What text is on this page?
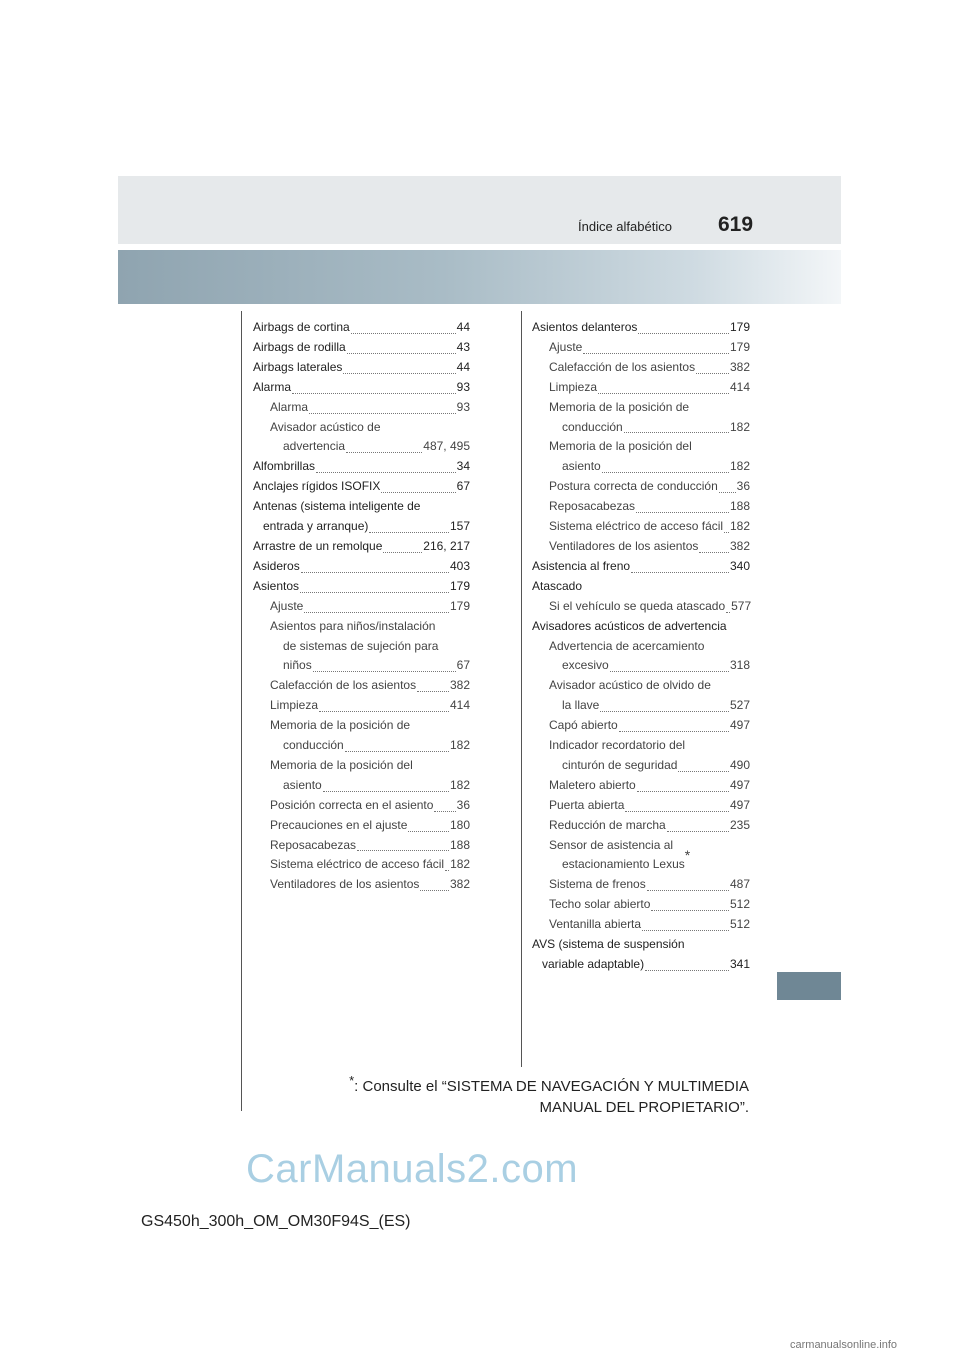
Índice alfabético 619
Airbags de cortina	44
Airbags de rodilla	43
Airbags laterales	44
Alarma	93
Alarma	93
Avisador acústico de
advertencia	487, 495
Alfombrillas	34
Anclajes rígidos ISOFIX	67
Antenas (sistema inteligente de
entrada y arranque)	157
Arrastre de un remolque	216, 217
Asideros	403
Asientos	179
Ajuste	179
Asientos para niños/instalación
de sistemas de sujeción para
niños	67
Calefacción de los asientos	382
Limpieza	414
Memoria de la posición de
conducción	182
Memoria de la posición del
asiento	182
Posición correcta en el asiento 36
Precauciones en el ajuste	180
Reposacabezas	188
Sistema eléctrico de acceso fácil 182
Ventiladores de los asientos	382
Asientos delanteros	179
Ajuste	179
Calefacción de los asientos	382
Limpieza	414
Memoria de la posición de
conducción	182
Memoria de la posición del
asiento	182
Postura correcta de conducción 36
Reposacabezas	188
Sistema eléctrico de acceso fácil 182
Ventiladores de los asientos	382
Asistencia al freno	340
Atascado
Si el vehículo se queda atascado 577
Avisadores acústicos de advertencia
Advertencia de acercamiento
excesivo	318
Avisador acústico de olvido de
la llave	527
Capó abierto	497
Indicador recordatorio del
cinturón de seguridad	490
Maletero abierto	497
Puerta abierta	497
Reducción de marcha	235
Sensor de asistencia al
estacionamiento Lexus
*
Sistema de frenos	487
Techo solar abierto	512
Ventanilla abierta	512
AVS (sistema de suspensión
variable adaptable)	341
*: Consulte el “SISTEMA DE NAVEGACIÓN Y MULTIMEDIA
MANUAL DEL PROPIETARIO”.
CarManuals2.com
GS450h_300h_OM_OM30F94S_(ES)
carmanualsonline.info
